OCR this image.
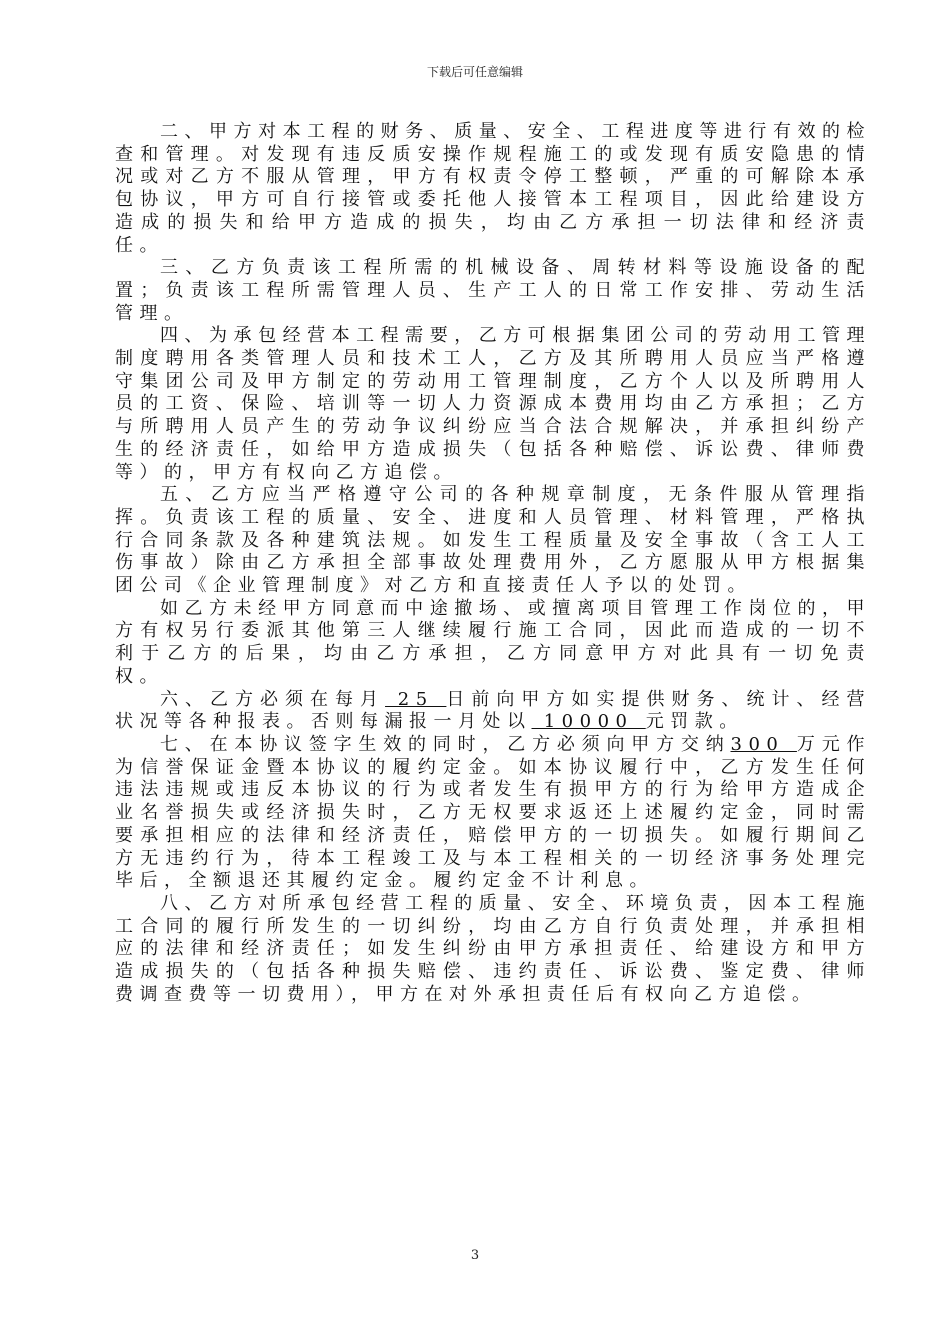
下载后可任意编辑

二、甲方对本工程的财务、质量、安全、工程进度等进行有效的检查和管理。对发现有违反质安操作规程施工的或发现有质安隐患的情况或对乙方不服从管理，甲方有权责令停工整顿，严重的可解除本承包协议，甲方可自行接管或委托他人接管本工程项目，因此给建设方造成的损失和给甲方造成的损失，均由乙方承担一切法律和经济责任。

三、乙方负责该工程所需的机械设备、周转材料等设施设备的配置；负责该工程所需管理人员、生产工人的日常工作安排、劳动生活管理。

四、为承包经营本工程需要，乙方可根据集团公司的劳动用工管理制度聘用各类管理人员和技术工人，乙方及其所聘用人员应当严格遵守集团公司及甲方制定的劳动用工管理制度，乙方个人以及所聘用人员的工资、保险、培训等一切人力资源成本费用均由乙方承担；乙方与所聘用人员产生的劳动争议纠纷应当合法合规解决，并承担纠纷产生的经济责任，如给甲方造成损失（包括各种赔偿、诉讼费、律师费等）的，甲方有权向乙方追偿。

五、乙方应当严格遵守公司的各种规章制度，无条件服从管理指挥。负责该工程的质量、安全、进度和人员管理、材料管理，严格执行合同条款及各种建筑法规。如发生工程质量及安全事故（含工人工伤事故）除由乙方承担全部事故处理费用外，乙方愿服从甲方根据集团公司《企业管理制度》对乙方和直接责任人予以的处罚。

如乙方未经甲方同意而中途撤场、或擅离项目管理工作岗位的，甲方有权另行委派其他第三人继续履行施工合同，因此而造成的一切不利于乙方的后果，均由乙方承担，乙方同意甲方对此具有一切免责权。

六、乙方必须在每月 25 日前向甲方如实提供财务、统计、经营状况等各种报表。否则每漏报一月处以 10000 元罚款。

七、在本协议签字生效的同时，乙方必须向甲方交纳300 万元作为信誉保证金暨本协议的履约定金。如本协议履行中，乙方发生任何违法违规或违反本协议的行为或者发生有损甲方的行为给甲方造成企业名誉损失或经济损失时，乙方无权要求返还上述履约定金，同时需要承担相应的法律和经济责任，赔偿甲方的一切损失。如履行期间乙方无违约行为，待本工程竣工及与本工程相关的一切经济事务处理完毕后，全额退还其履约定金。履约定金不计利息。

八、乙方对所承包经营工程的质量、安全、环境负责，因本工程施工合同的履行所发生的一切纠纷，均由乙方自行负责处理，并承担相应的法律和经济责任；如发生纠纷由甲方承担责任、给建设方和甲方造成损失的（包括各种损失赔偿、违约责任、诉讼费、鉴定费、律师费调查费等一切费用），甲方在对外承担责任后有权向乙方追偿。

3
